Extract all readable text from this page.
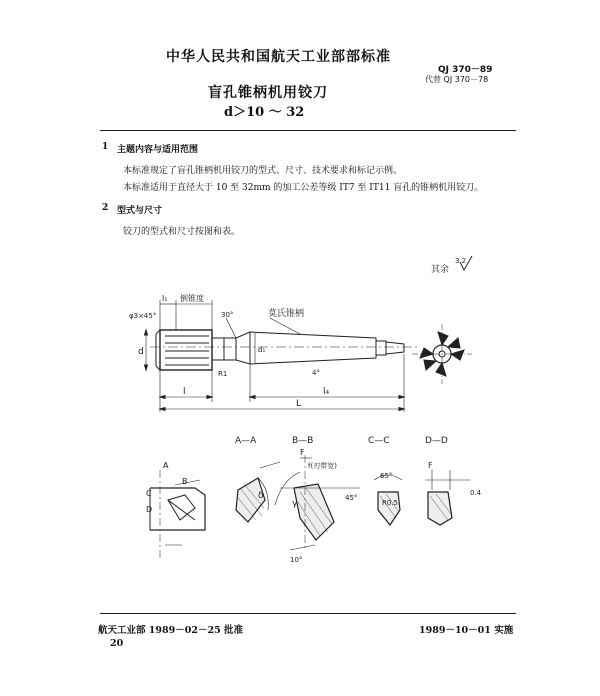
中华人民共和国航天工业部部标准
QJ 370－89
代替 QJ 370－78
盲孔锥柄机用铰刀
d＞10 ～ 32
1 主题内容与适用范围
本标准规定了盲孔锥柄机用铰刀的型式、尺寸、技术要求和标记示例。
本标准适用于直径大于 10 至 32mm 的加工公差等级 IT7 至 IT11 盲孔的锥柄机用铰刀。
2 型式与尺寸
铰刀的型式和尺寸按图和表。
其余
3.2
φ3×45°
l₁ 倒锥度
30°	莫氏锥柄
d	d₁
R1	4°
l	l₄
L
A
B
C
D
A—A	B—B	C—C	D—D
δ
F
f(刃带宽)
γ
45°
10°
65°
R0.5
F
0.4
航天工业部 1989－02－25 批准	1989－10－01 实施
20
